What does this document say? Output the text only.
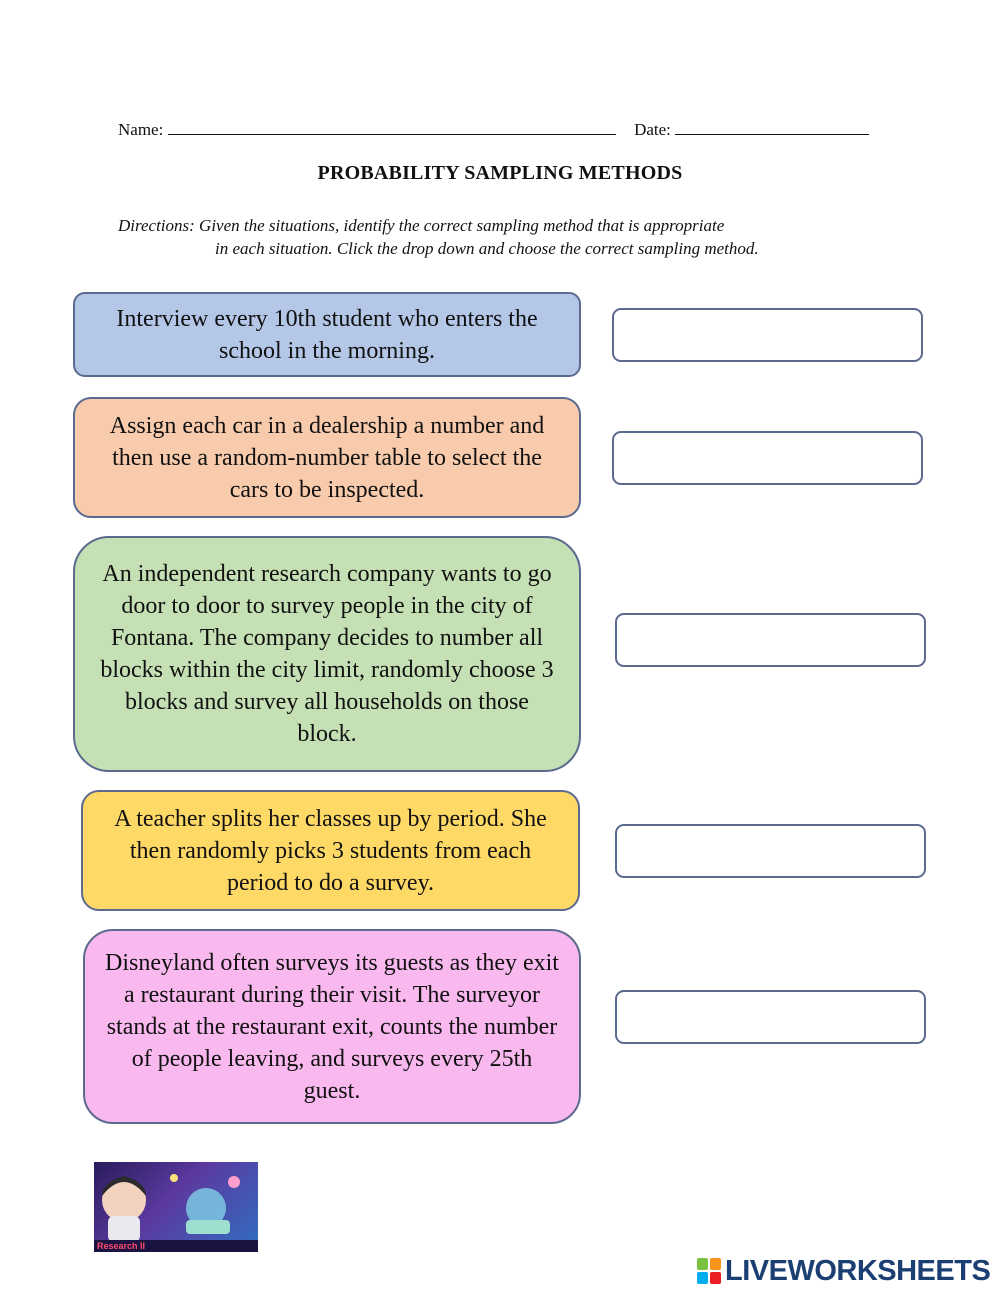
Name:	Date:
PROBABILITY SAMPLING METHODS
Directions: Given the situations, identify the correct sampling method that is appropriate
in each situation. Click the drop down and choose the correct sampling method.
Interview every 10th student who enters the school in the morning.
Assign each car in a dealership a number and then use a random-number table to select the cars to be inspected.
An independent research company wants to go door to door to survey people in the city of Fontana. The company decides to number all blocks within the city limit, randomly choose 3 blocks and survey all households on those block.
A teacher splits her classes up by period. She then randomly picks 3 students from each period to do a survey.
Disneyland often surveys its guests as they exit a restaurant during their visit. The surveyor stands at the restaurant exit, counts the number of people leaving, and surveys every 25th guest.
Research II
LIVEWORKSHEETS
